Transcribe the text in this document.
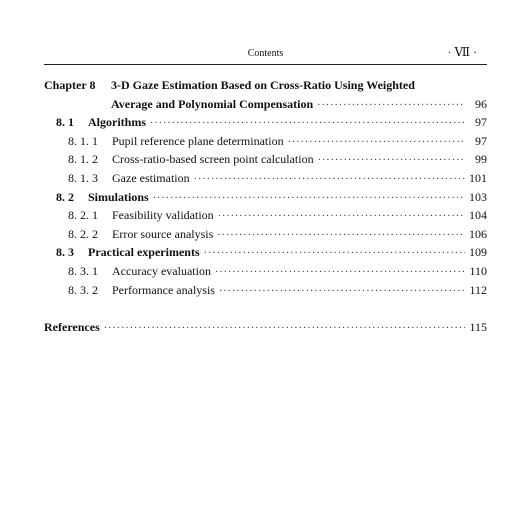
Contents	· Ⅶ ·
Chapter 8	3-D Gaze Estimation Based on Cross-Ratio Using Weighted
Average and Polynomial Compensation ·····	96
8. 1	Algorithms ·····	97
8. 1. 1	Pupil reference plane determination ·····	97
8. 1. 2	Cross-ratio-based screen point calculation ·····	99
8. 1. 3	Gaze estimation ·····	101
8. 2	Simulations ·····	103
8. 2. 1	Feasibility validation ·····	104
8. 2. 2	Error source analysis ·····	106
8. 3	Practical experiments ·····	109
8. 3. 1	Accuracy evaluation ·····	110
8. 3. 2	Performance analysis ·····	112
References ·····	115
